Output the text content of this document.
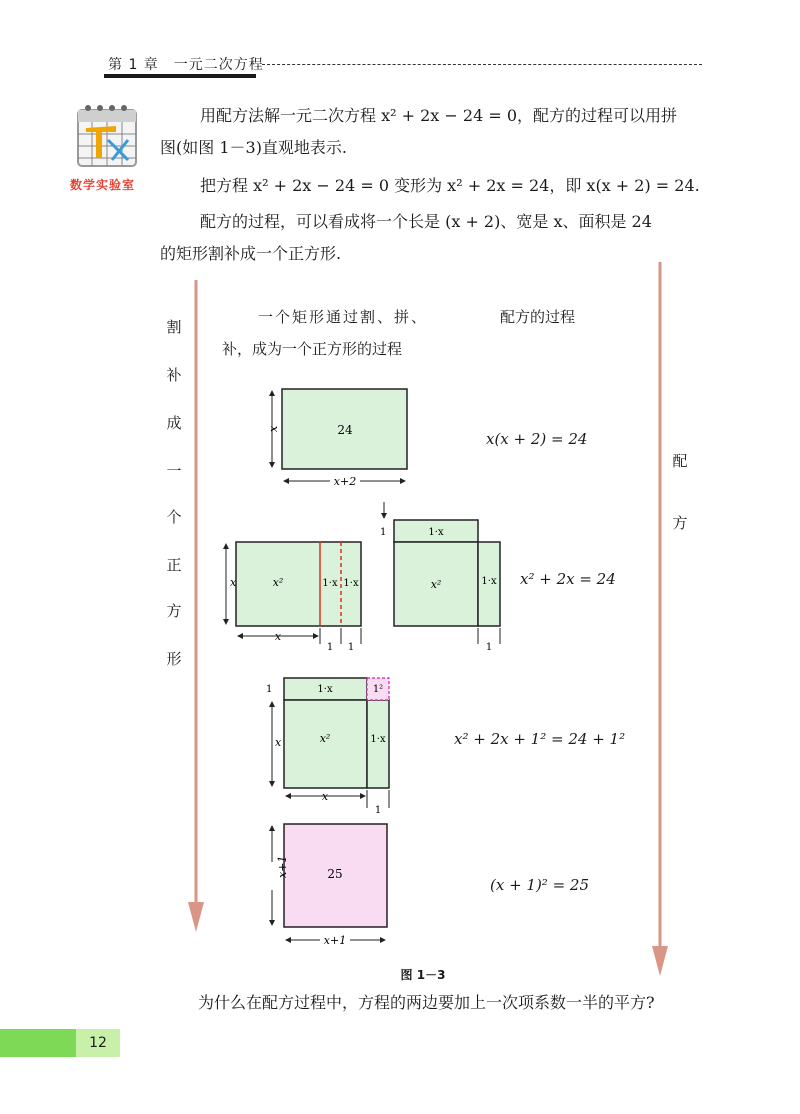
第 1 章　一元二次方程
数学实验室
用配方法解一元二次方程 x² + 2x − 24 = 0，配方的过程可以用拼
图(如图 1－3)直观地表示.
把方程 x² + 2x − 24 = 0 变形为 x² + 2x = 24，即 x(x + 2) = 24.
配方的过程，可以看成将一个长是 (x + 2)、宽是 x、面积是 24
的矩形割补成一个正方形.
割
补
成
一
个
正
方
形
配
方
一个矩形通过割、拼、
补，成为一个正方形的过程
配方的过程
24
x
x+2
x(x + 2) = 24
x²	1·x 1·x
x
x
1 1
1·x
x²	1·x
1
1
x² + 2x = 24
1·x	1²
x²	1·x
1
x
x
1
x² + 2x + 1² = 24 + 1²
25
x+1
x+1
(x + 1)² = 25
图 1－3
为什么在配方过程中，方程的两边要加上一次项系数一半的平方?
12
